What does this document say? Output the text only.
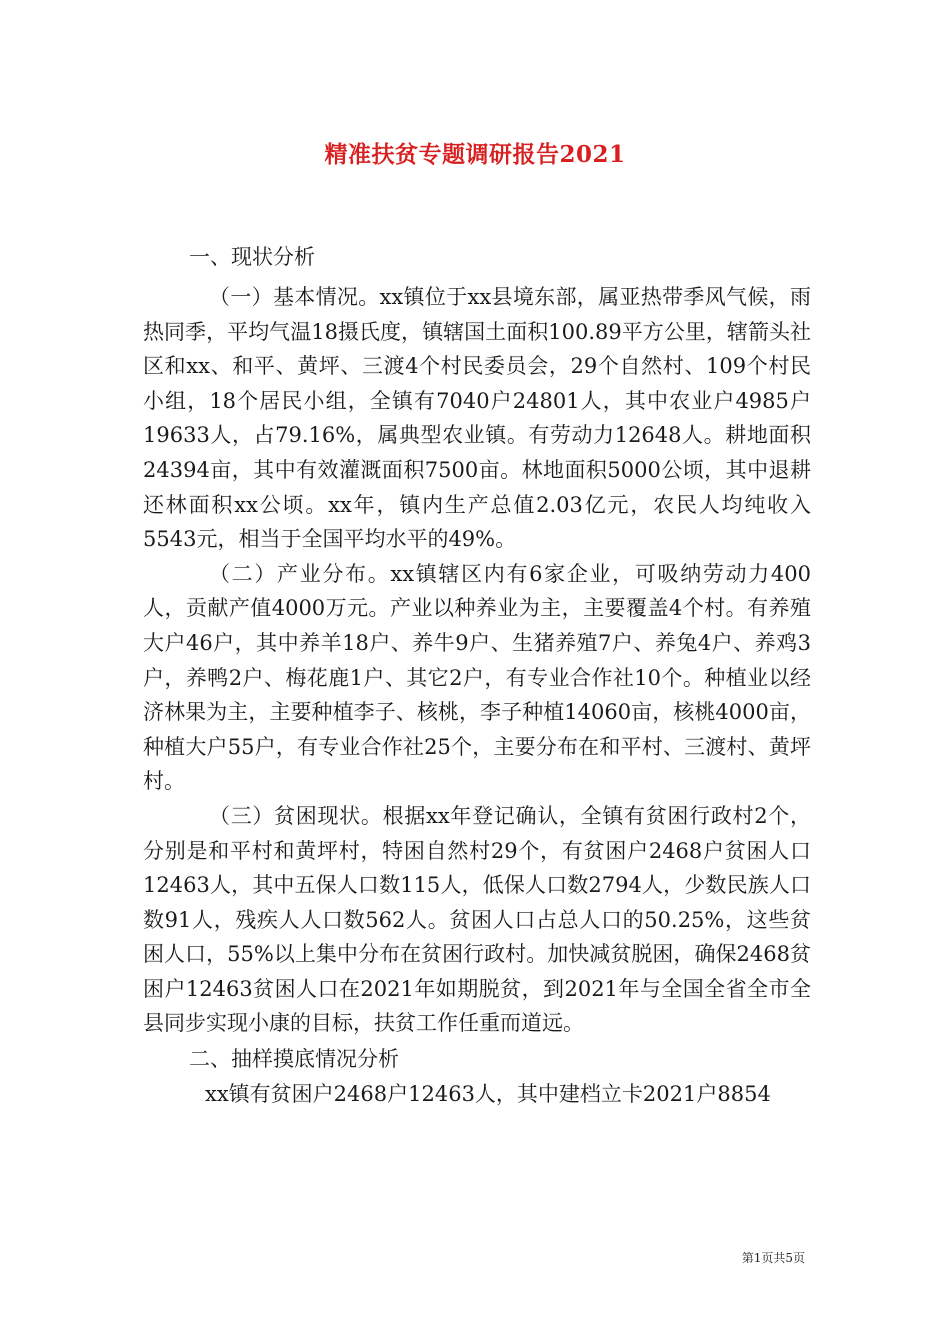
精准扶贫专题调研报告2021

一、现状分析

（一）基本情况。xx镇位于xx县境东部，属亚热带季风气候，雨热同季，平均气温18摄氏度，镇辖国土面积100.89平方公里，辖箭头社区和xx、和平、黄坪、三渡4个村民委员会，29个自然村、109个村民小组，18个居民小组，全镇有7040户24801人，其中农业户4985户19633人，占79.16%，属典型农业镇。有劳动力12648人。耕地面积24394亩，其中有效灌溉面积7500亩。林地面积5000公顷，其中退耕还林面积xx公顷。xx年，镇内生产总值2.03亿元，农民人均纯收入5543元，相当于全国平均水平的49%。

（二）产业分布。xx镇辖区内有6家企业，可吸纳劳动力400人，贡献产值4000万元。产业以种养业为主，主要覆盖4个村。有养殖大户46户，其中养羊18户、养牛9户、生猪养殖7户、养兔4户、养鸡3户，养鸭2户、梅花鹿1户、其它2户，有专业合作社10个。种植业以经济林果为主，主要种植李子、核桃，李子种植14060亩，核桃4000亩，种植大户55户，有专业合作社25个，主要分布在和平村、三渡村、黄坪村。

（三）贫困现状。根据xx年登记确认，全镇有贫困行政村2个，分别是和平村和黄坪村，特困自然村29个，有贫困户2468户贫困人口12463人，其中五保人口数115人，低保人口数2794人，少数民族人口数91人，残疾人人口数562人。贫困人口占总人口的50.25%，这些贫困人口，55%以上集中分布在贫困行政村。加快减贫脱困，确保2468贫困户12463贫困人口在2021年如期脱贫，到2021年与全国全省全市全县同步实现小康的目标，扶贫工作任重而道远。

二、抽样摸底情况分析

xx镇有贫困户2468户12463人，其中建档立卡2021户8854

第1页共5页
